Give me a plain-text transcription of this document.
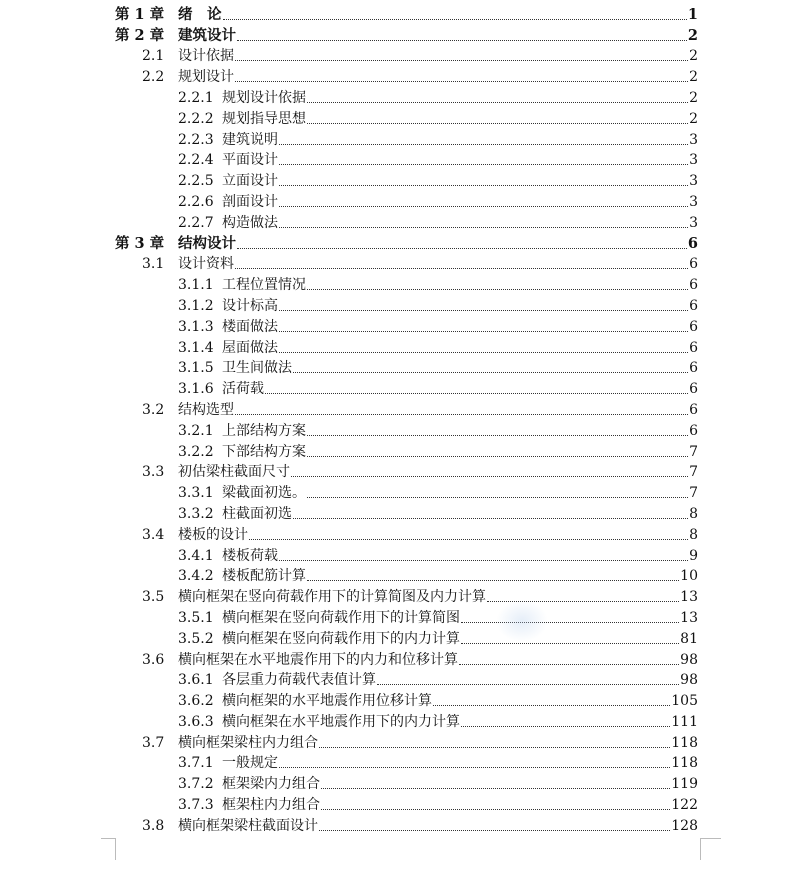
第 1 章 绪　论	1
第 2 章 建筑设计	2
2.1 设计依据	2
2.2 规划设计	2
2.2.1 规划设计依据	2
2.2.2 规划指导思想	2
2.2.3 建筑说明	3
2.2.4 平面设计	3
2.2.5 立面设计	3
2.2.6 剖面设计	3
2.2.7 构造做法	3
第 3 章 结构设计	6
3.1 设计资料	6
3.1.1 工程位置情况	6
3.1.2 设计标高	6
3.1.3 楼面做法	6
3.1.4 屋面做法	6
3.1.5 卫生间做法	6
3.1.6 活荷载	6
3.2 结构选型	6
3.2.1 上部结构方案	6
3.2.2 下部结构方案	7
3.3 初估梁柱截面尺寸	7
3.3.1 梁截面初选。	7
3.3.2 柱截面初选	8
3.4 楼板的设计	8
3.4.1 楼板荷载	9
3.4.2 楼板配筋计算	10
3.5 横向框架在竖向荷载作用下的计算简图及内力计算	13
3.5.1 横向框架在竖向荷载作用下的计算简图	13
3.5.2 横向框架在竖向荷载作用下的内力计算	81
3.6 横向框架在水平地震作用下的内力和位移计算	98
3.6.1 各层重力荷载代表值计算	98
3.6.2 横向框架的水平地震作用位移计算	105
3.6.3 横向框架在水平地震作用下的内力计算	111
3.7 横向框架梁柱内力组合	118
3.7.1 一般规定	118
3.7.2 框架梁内力组合	119
3.7.3 框架柱内力组合	122
3.8 横向框架梁柱截面设计	128
